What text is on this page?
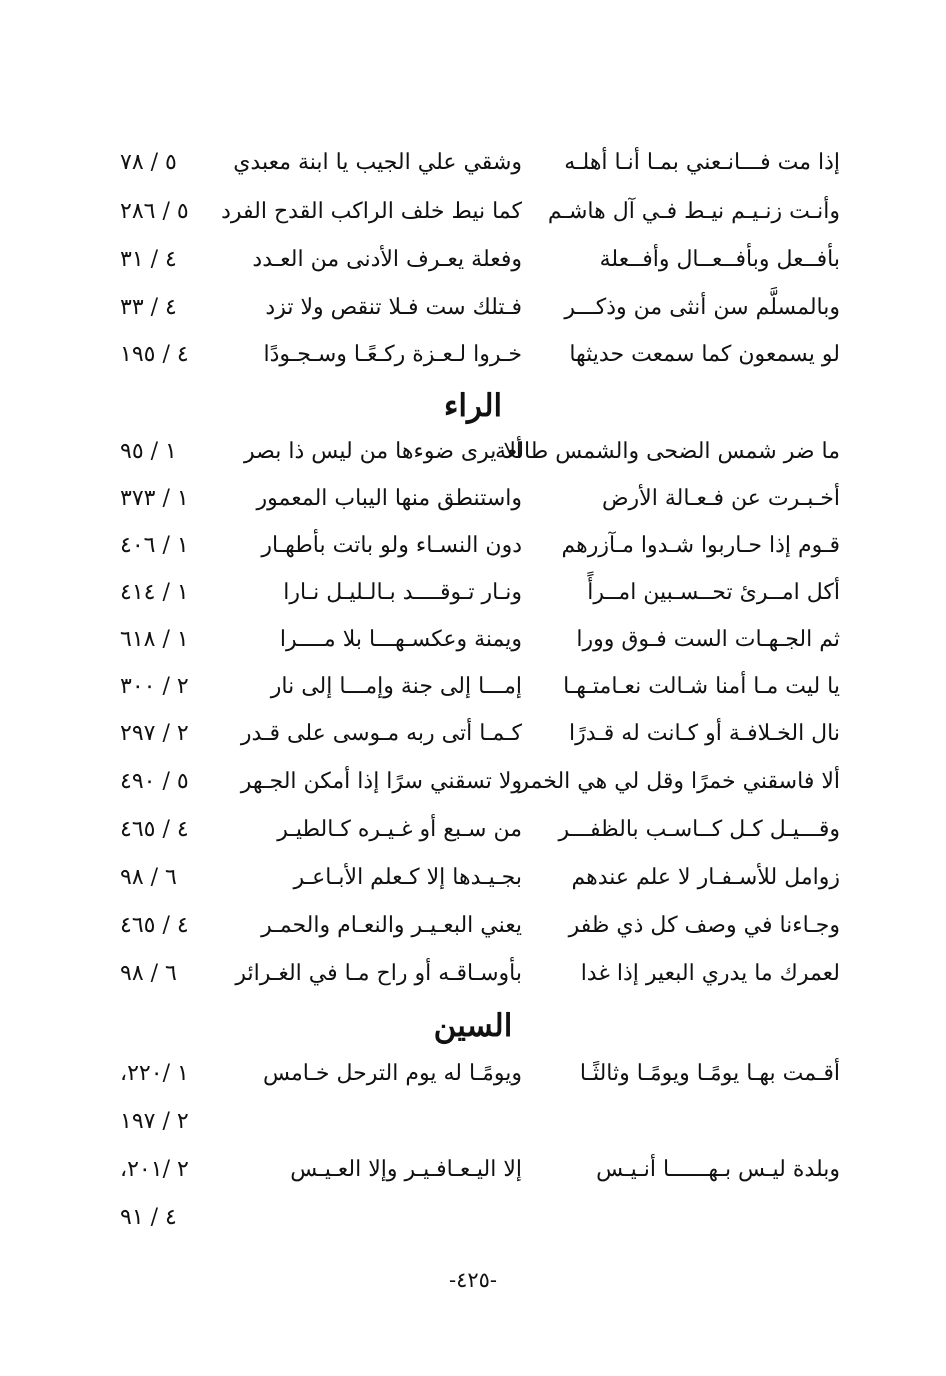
إذا مت فـــانـعني بمـا أنـا أهلـه
وشقي علي الجيب يا ابنة معبدي
٥ / ٧٨
وأنـت زنـيـم نيـط فـي آل هاشـم
كما نيط خلف الراكب القدح الفرد
٥ / ٢٨٦
بأفــعل وبأفــعــال وأفــعلة
وفعلة يعـرف الأدنى من العـدد
٤ / ٣١
وبالمسلَّم سن أنثى من وذكـــر
فـتلك ست فـلا تنقص ولا تزد
٤ / ٣٣
لو يسمعون كما سمعت حديثها
خـروا لـعـزة ركـعًـا وسـجـودًا
٤ / ١٩٥
الراء
ما ضر شمس الضحى والشمس طالعة
ألا يرى ضوءها من ليس ذا بصر
١ / ٩٥
أخـبـرت عن فـعـالة الأرض
واستنطق منها اليباب المعمور
١ / ٣٧٣
قـوم إذا حـاربوا شـدوا مـآزرهم
دون النسـاء ولو باتت بأطهـار
١ / ٤٠٦
أكل امــرئ تحــسـبين امــرأً
ونـار تـوقــــد بـالـليـل نـارا
١ / ٤١٤
ثم الجـهـات الست فـوق وورا
ويمنة وعكسـهـــا بلا مــــرا
١ / ٦١٨
يا ليت مـا أمنا شـالت نعـامتـهـا
إمـــا إلى جنة وإمـــا إلى نار
٢ / ٣٠٠
نال الخـلافـة أو كـانت له قـدرًا
كـمـا أتى ربه مـوسى على قـدر
٢ / ٢٩٧
ألا فاسقني خمرًا وقل لي هي الخمر
ولا تسقني سرًا إذا أمكن الجـهر
٥ / ٤٩٠
وقـــيـل كـل كــاسـب بالظفـــر
من سـبع أو غـيـره كـالطيـر
٤ / ٤٦٥
زوامل للأسـفـار لا علم عندهم
بجـيـدها إلا كـعلم الأبـاعـر
٦ / ٩٨
وجـاءنا في وصف كل ذي ظفر
يعني البعـيـر والنعـام والحمـر
٤ / ٤٦٥
لعمرك ما يدري البعير إذا غدا
بأوسـاقـه أو راح مـا في الغـرائر
٦ / ٩٨
السين
أقـمت بهـا يومًـا ويومًـا وثالثًـا
ويومًـا له يوم الترحل خـامس
١ /٢٢٠،
٢ / ١٩٧
وبلدة ليـس بـهــــــا أنـيـس
إلا اليـعـافـيـر وإلا العـيـس
٢ /٢٠١،
٤ / ٩١
-٤٢٥-
